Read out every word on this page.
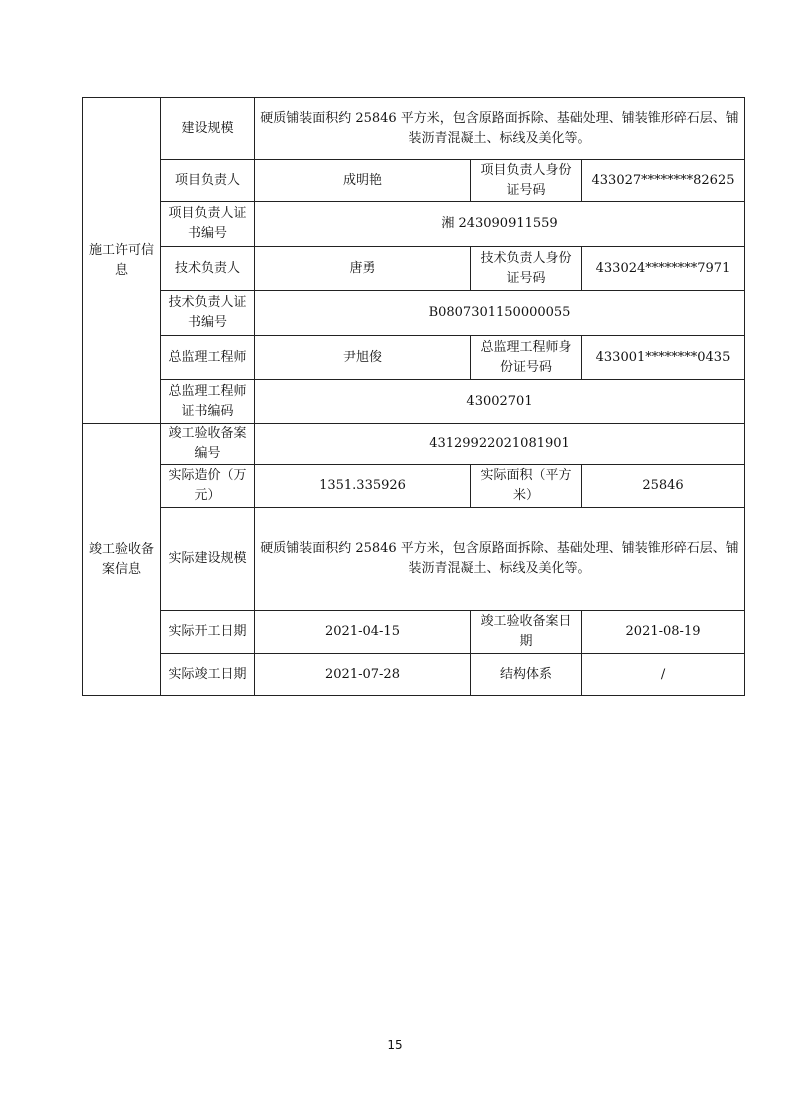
施工许可信息	建设规模	硬质铺装面积约 25846 平方米，包含原路面拆除、基础处理、铺装锥形碎石层、铺装沥青混凝土、标线及美化等。		
	项目负责人	成明艳	项目负责人身份证号码	433027********82625
	项目负责人证书编号	湘 243090911559		
	技术负责人	唐勇	技术负责人身份证号码	433024********7971
	技术负责人证书编号	B0807301150000055		
	总监理工程师	尹旭俊	总监理工程师身份证号码	433001********0435
	总监理工程师证书编码	43002701		
竣工验收备案信息	竣工验收备案编号	43129922021081901		
	实际造价（万元）	1351.335926	实际面积（平方米）	25846
	实际建设规模	硬质铺装面积约 25846 平方米，包含原路面拆除、基础处理、铺装锥形碎石层、铺装沥青混凝土、标线及美化等。		
	实际开工日期	2021-04-15	竣工验收备案日期	2021-08-19
	实际竣工日期	2021-07-28	结构体系	/
15
